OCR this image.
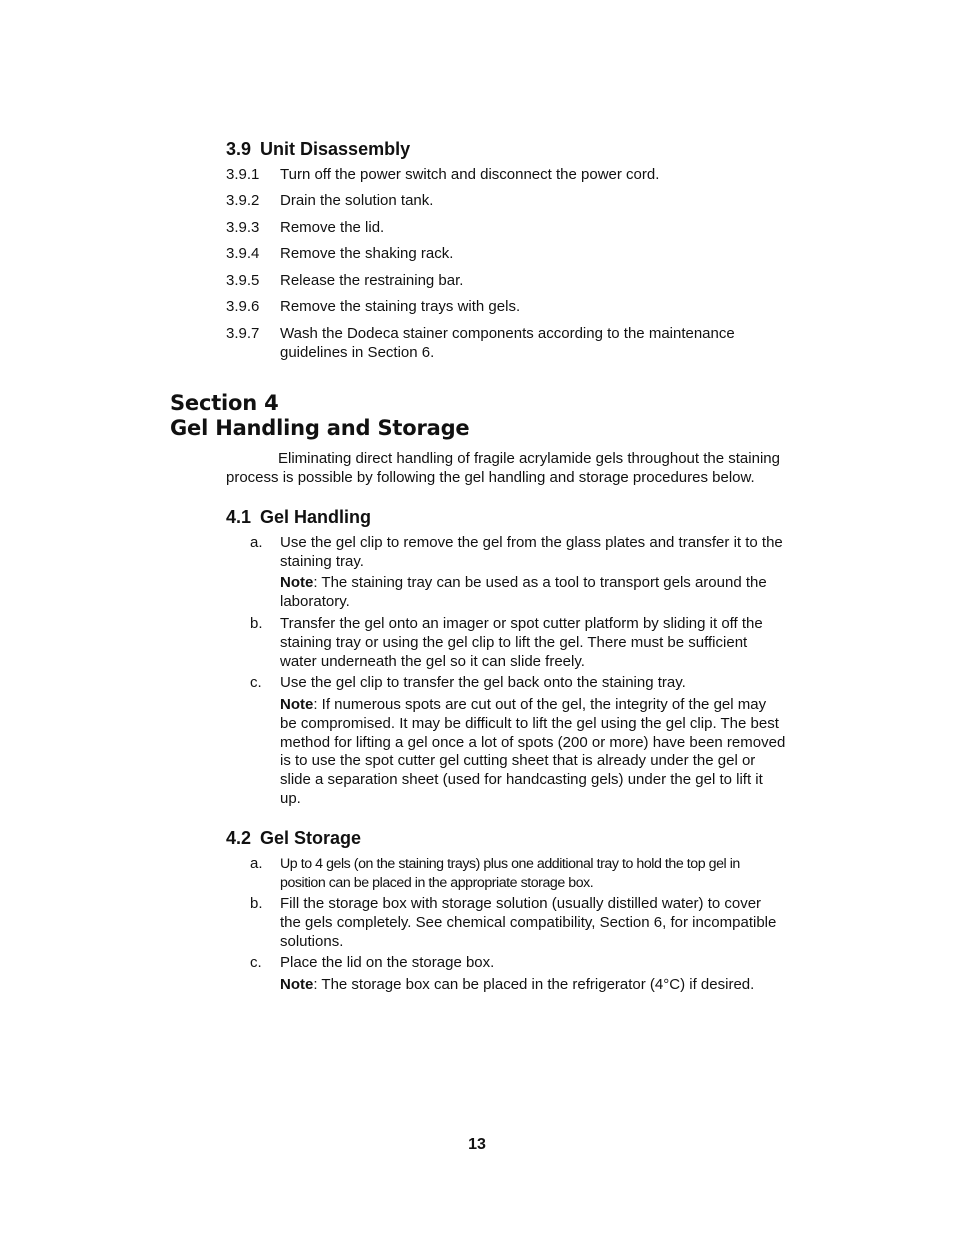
3.9 Unit Disassembly
3.9.1 Turn off the power switch and disconnect the power cord.
3.9.2 Drain the solution tank.
3.9.3 Remove the lid.
3.9.4 Remove the shaking rack.
3.9.5 Release the restraining bar.
3.9.6 Remove the staining trays with gels.
3.9.7 Wash the Dodeca stainer components according to the maintenance guidelines in Section 6.
Section 4
Gel Handling and Storage

Eliminating direct handling of fragile acrylamide gels throughout the staining process is possible by following the gel handling and storage procedures below.

4.1 Gel Handling
a. Use the gel clip to remove the gel from the glass plates and transfer it to the staining tray.

Note: The staining tray can be used as a tool to transport gels around the laboratory.

b. Transfer the gel onto an imager or spot cutter platform by sliding it off the staining tray or using the gel clip to lift the gel. There must be sufficient water underneath the gel so it can slide freely.
c. Use the gel clip to transfer the gel back onto the staining tray.

Note: If numerous spots are cut out of the gel, the integrity of the gel may be compromised. It may be difficult to lift the gel using the gel clip. The best method for lifting a gel once a lot of spots (200 or more) have been removed is to use the spot cutter gel cutting sheet that is already under the gel or slide a separation sheet (used for handcasting gels) under the gel to lift it up.

4.2 Gel Storage
a. Up to 4 gels (on the staining trays) plus one additional tray to hold the top gel in position can be placed in the appropriate storage box.
b. Fill the storage box with storage solution (usually distilled water) to cover the gels completely. See chemical compatibility, Section 6, for incompatible solutions.
c. Place the lid on the storage box.

Note: The storage box can be placed in the refrigerator (4°C) if desired.

13
